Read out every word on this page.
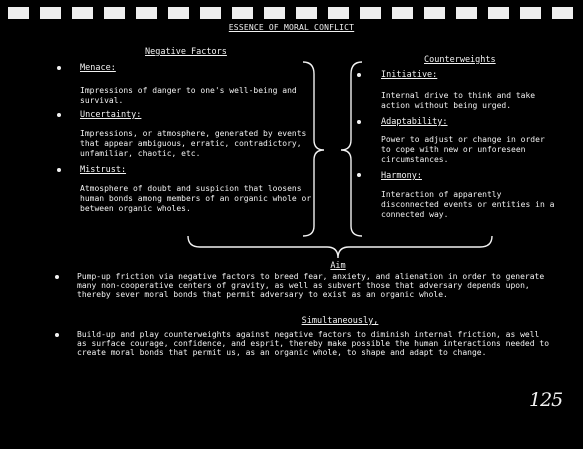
ESSENCE OF MORAL CONFLICT
Negative Factors
Counterweights
Menace:
Impressions of danger to one's well-being and survival.
Uncertainty:
Impressions, or atmosphere, generated by events that appear ambiguous, erratic, contradictory, unfamiliar, chaotic, etc.
Mistrust:
Atmosphere of doubt and suspicion that loosens human bonds among members of an organic whole or between organic wholes.
Initiative:
Internal drive to think and take action without being urged.
Adaptability:
Power to adjust or change in order to cope with new or unforeseen circumstances.
Harmony:
Interaction of apparently disconnected events or entities in a connected way.
Aim
Pump-up friction via negative factors to breed fear, anxiety, and alienation in order to generate many non-cooperative centers of gravity, as well as subvert those that adversary depends upon, thereby sever moral bonds that permit adversary to exist as an organic whole.
Simultaneously,
Build-up and play counterweights against negative factors to diminish internal friction, as well as surface courage, confidence, and esprit, thereby make possible the human interactions needed to create moral bonds that permit us, as an organic whole, to shape and adapt to change.
125
